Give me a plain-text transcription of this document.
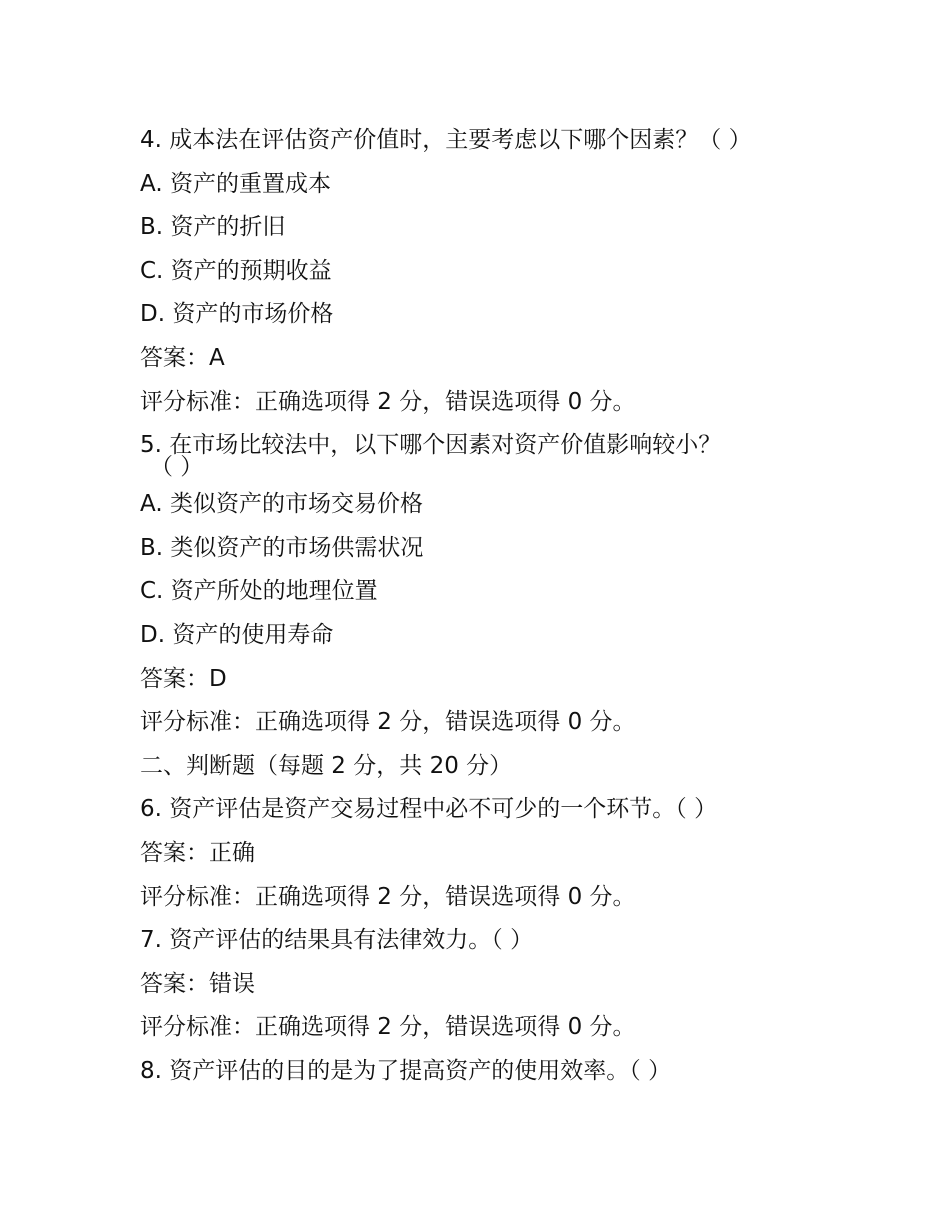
4. 成本法在评估资产价值时，主要考虑以下哪个因素？（ ）
A. 资产的重置成本
B. 资产的折旧
C. 资产的预期收益
D. 资产的市场价格
答案：A
评分标准：正确选项得 2 分，错误选项得 0 分。
5. 在市场比较法中，以下哪个因素对资产价值影响较小？
（ ）
A. 类似资产的市场交易价格
B. 类似资产的市场供需状况
C. 资产所处的地理位置
D. 资产的使用寿命
答案：D
评分标准：正确选项得 2 分，错误选项得 0 分。
二、判断题（每题 2 分，共 20 分）
6. 资产评估是资产交易过程中必不可少的一个环节。（ ）
答案：正确
评分标准：正确选项得 2 分，错误选项得 0 分。
7. 资产评估的结果具有法律效力。（ ）
答案：错误
评分标准：正确选项得 2 分，错误选项得 0 分。
8. 资产评估的目的是为了提高资产的使用效率。（ ）
